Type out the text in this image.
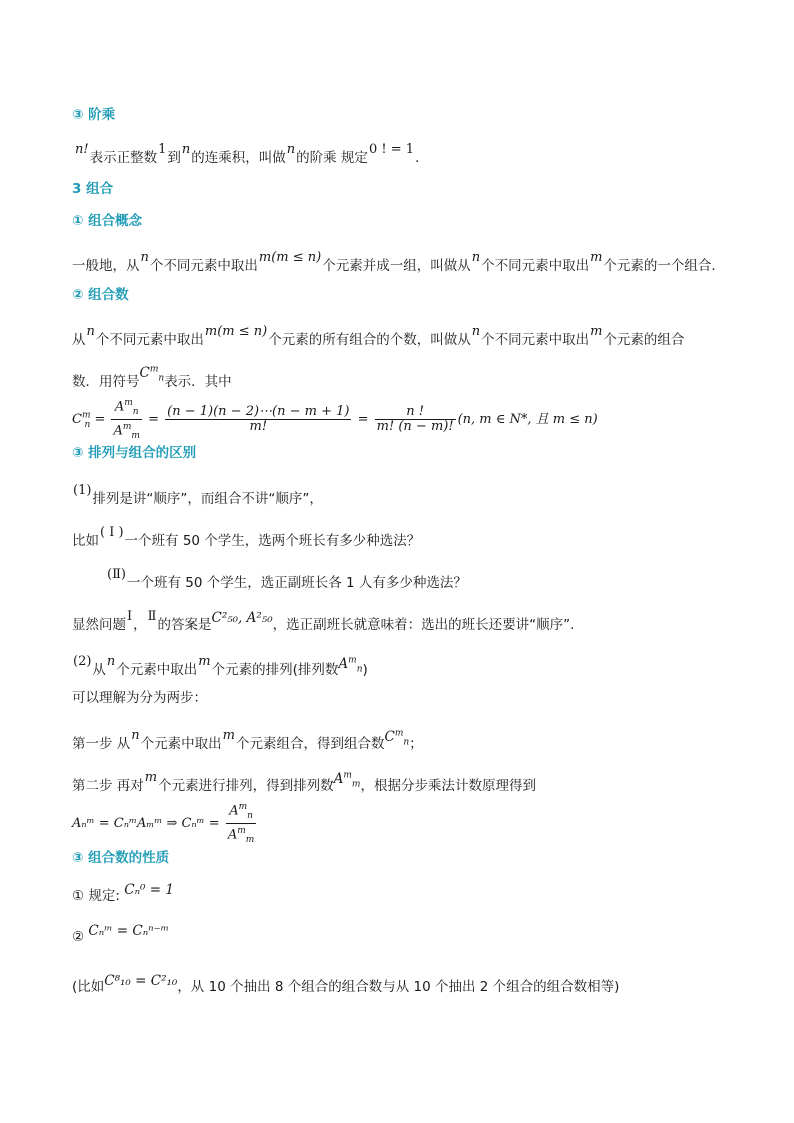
③ 阶乘
n!表示正整数1到n的连乘积，叫做n的阶乘 规定0 ! = 1.
3 组合
① 组合概念
一般地，从n个不同元素中取出m(m ≤ n)个元素并成一组，叫做从n个不同元素中取出m个元素的一个组合.
② 组合数
从n个不同元素中取出m(m ≤ n)个元素的所有组合的个数，叫做从n个不同元素中取出m个元素的组合
数．用符号$C^m_n$表示．其中
$C^m_n = \frac{A^m_n}{A^m_m} = \frac{(n - 1)(n - 2)\cdots(n - m + 1)}{m!} = \frac{n !}{m! (n - m)!} (n$, m ∈ N*, 且 m ≤ n)
③ 排列与组合的区别
(1)排列是讲“顺序”，而组合不讲“顺序”，
比如( Ⅰ )一个班有 50 个学生，选两个班长有多少种选法？
(Ⅱ)一个班有 50 个学生，选正副班长各 1 人有多少种选法？
显然问题Ⅰ，Ⅱ的答案是C²₅₀, A²₅₀，选正副班长就意味着：选出的班长还要讲“顺序”.
(2)从n个元素中取出m个元素的排列(排列数$A^m_n$)
可以理解为分为两步：
第一步 从n个元素中取出m个元素组合，得到组合数$C^m_n$；
第二步 再对m个元素进行排列，得到排列数$A^m_m$，根据分步乘法计数原理得到
Aₙᵐ = CₙᵐAₘᵐ ⇒ Cₙᵐ = $\frac{A^m_n}{A^m_m}$
③ 组合数的性质
① 规定: Cₙ⁰ = 1
② Cₙᵐ = Cₙⁿ⁻ᵐ
(比如C⁸₁₀ = C²₁₀，从 10 个抽出 8 个组合的组合数与从 10 个抽出 2 个组合的组合数相等)
